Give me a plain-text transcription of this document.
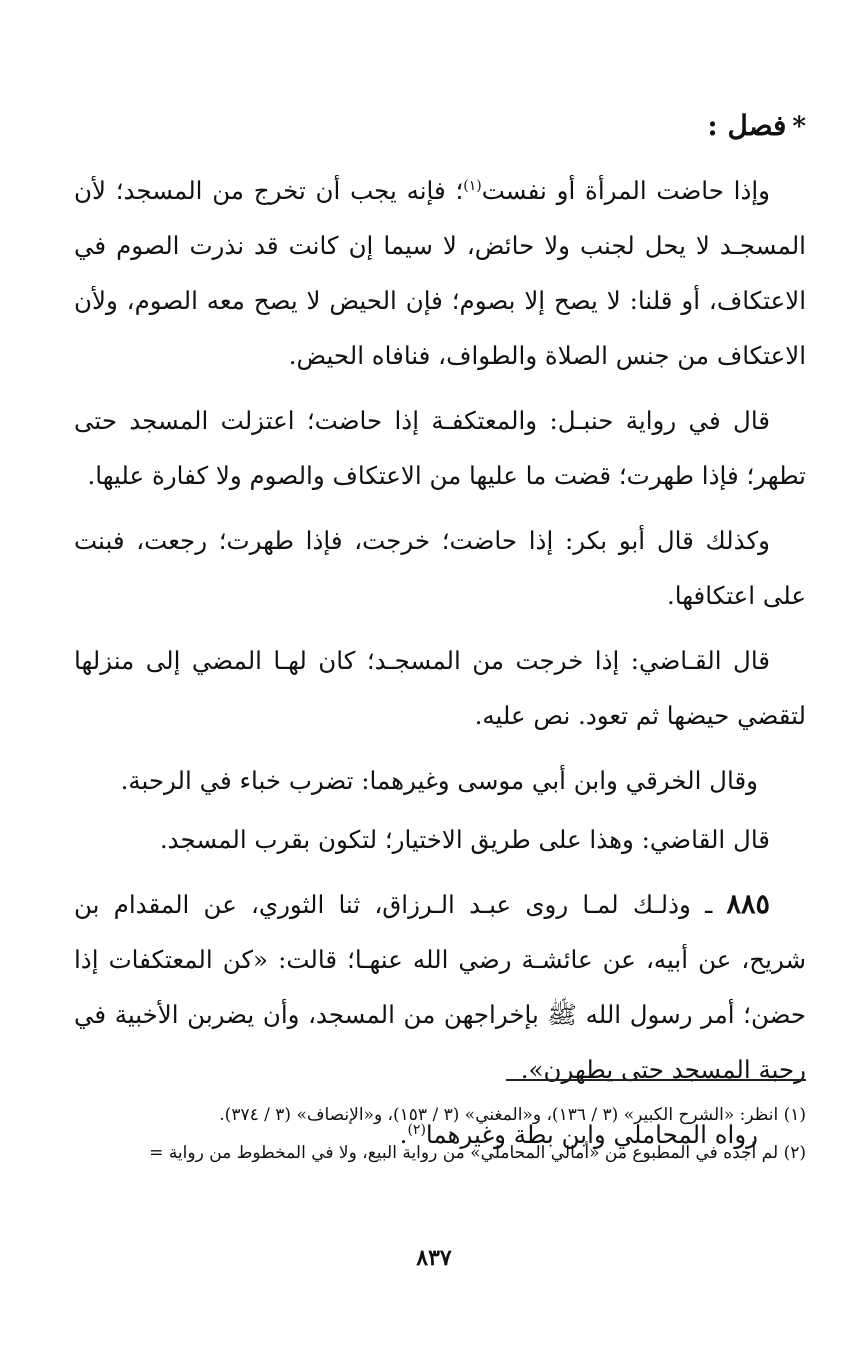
*فصل :

وإذا حاضت المرأة أو نفست$^{(١)}$؛ فإنه يجب أن تخرج من المسجد؛ لأن المسجـد لا يحل لجنب ولا حائض، لا سيما إن كانت قد نذرت الصوم في الاعتكاف، أو قلنا: لا يصح إلا بصوم؛ فإن الحيض لا يصح معه الصوم، ولأن الاعتكاف من جنس الصلاة والطواف، فنافاه الحيض.

قال في رواية حنبـل: والمعتكفـة إذا حاضت؛ اعتزلت المسجد حتى تطهر؛ فإذا طهرت؛ قضت ما عليها من الاعتكاف والصوم ولا كفارة عليها.

وكذلك قال أبو بكر: إذا حاضت؛ خرجت، فإذا طهرت؛ رجعت، فبنت على اعتكافها.

قال القـاضي: إذا خرجت من المسجـد؛ كان لهـا المضي إلى منزلها لتقضي حيضها ثم تعود. نص عليه.

وقال الخرقي وابن أبي موسى وغيرهما: تضرب خباء في الرحبة.

قال القاضي: وهذا على طريق الاختيار؛ لتكون بقرب المسجد.

٨٨٥ ـ وذلـك لمـا روى عبـد الـرزاق، ثنا الثوري، عن المقدام بن شريح، عن أبيه، عن عائشـة رضي الله عنهـا؛ قالت: «كن المعتكفات إذا حضن؛ أمر رسول الله ﷺ بإخراجهن من المسجد، وأن يضربن الأخبية في رحبة المسجد حتى يطهرن».

رواه المحاملي وابن بطة وغيرهما$^{(٢)}$.

(١) انظر: «الشرح الكبير» (٣ / ١٣٦)، و«المغني» (٣ / ١٥٣)، و«الإنصاف» (٣ / ٣٧٤).

(٢) لم أجده في المطبوع من «أمالي المحاملي» من رواية البيع، ولا في المخطوط من رواية =

٨٣٧
